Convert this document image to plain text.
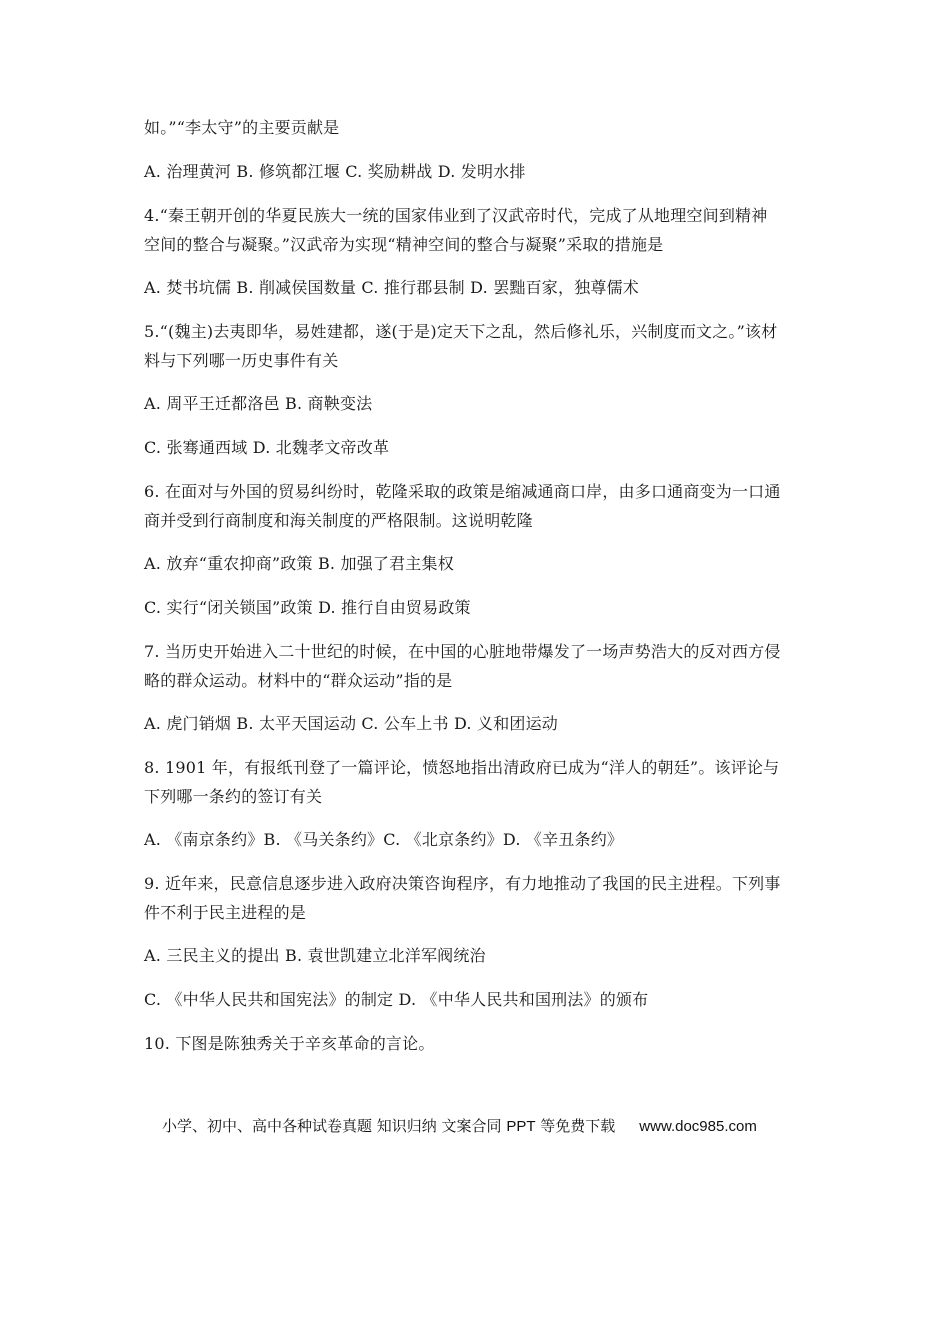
如。”“李太守”的主要贡献是
A. 治理黄河 B. 修筑都江堰 C. 奖励耕战 D. 发明水排
4.“秦王朝开创的华夏民族大一统的国家伟业到了汉武帝时代，完成了从地理空间到精神
空间的整合与凝聚。”汉武帝为实现“精神空间的整合与凝聚”采取的措施是
A. 焚书坑儒 B. 削减侯国数量 C. 推行郡县制 D. 罢黜百家，独尊儒术
5.“(魏主)去夷即华，易姓建都，遂(于是)定天下之乱，然后修礼乐，兴制度而文之。”该材
料与下列哪一历史事件有关
A. 周平王迁都洛邑 B. 商鞅变法
C. 张骞通西域 D. 北魏孝文帝改革
6. 在面对与外国的贸易纠纷时，乾隆采取的政策是缩减通商口岸，由多口通商变为一口通
商并受到行商制度和海关制度的严格限制。这说明乾隆
A. 放弃“重农抑商”政策 B. 加强了君主集权
C. 实行“闭关锁国”政策 D. 推行自由贸易政策
7. 当历史开始进入二十世纪的时候，在中国的心脏地带爆发了一场声势浩大的反对西方侵
略的群众运动。材料中的“群众运动”指的是
A. 虎门销烟 B. 太平天国运动 C. 公车上书 D. 义和团运动
8. 1901 年，有报纸刊登了一篇评论，愤怒地指出清政府已成为“洋人的朝廷”。该评论与
下列哪一条约的签订有关
A. 《南京条约》B. 《马关条约》C. 《北京条约》D. 《辛丑条约》
9. 近年来，民意信息逐步进入政府决策咨询程序，有力地推动了我国的民主进程。下列事
件不利于民主进程的是
A. 三民主义的提出 B. 袁世凯建立北洋军阀统治
C. 《中华人民共和国宪法》的制定 D. 《中华人民共和国刑法》的颁布
10. 下图是陈独秀关于辛亥革命的言论。
小学、初中、高中各种试卷真题 知识归纳 文案合同 PPT 等免费下载 www.doc985.com
